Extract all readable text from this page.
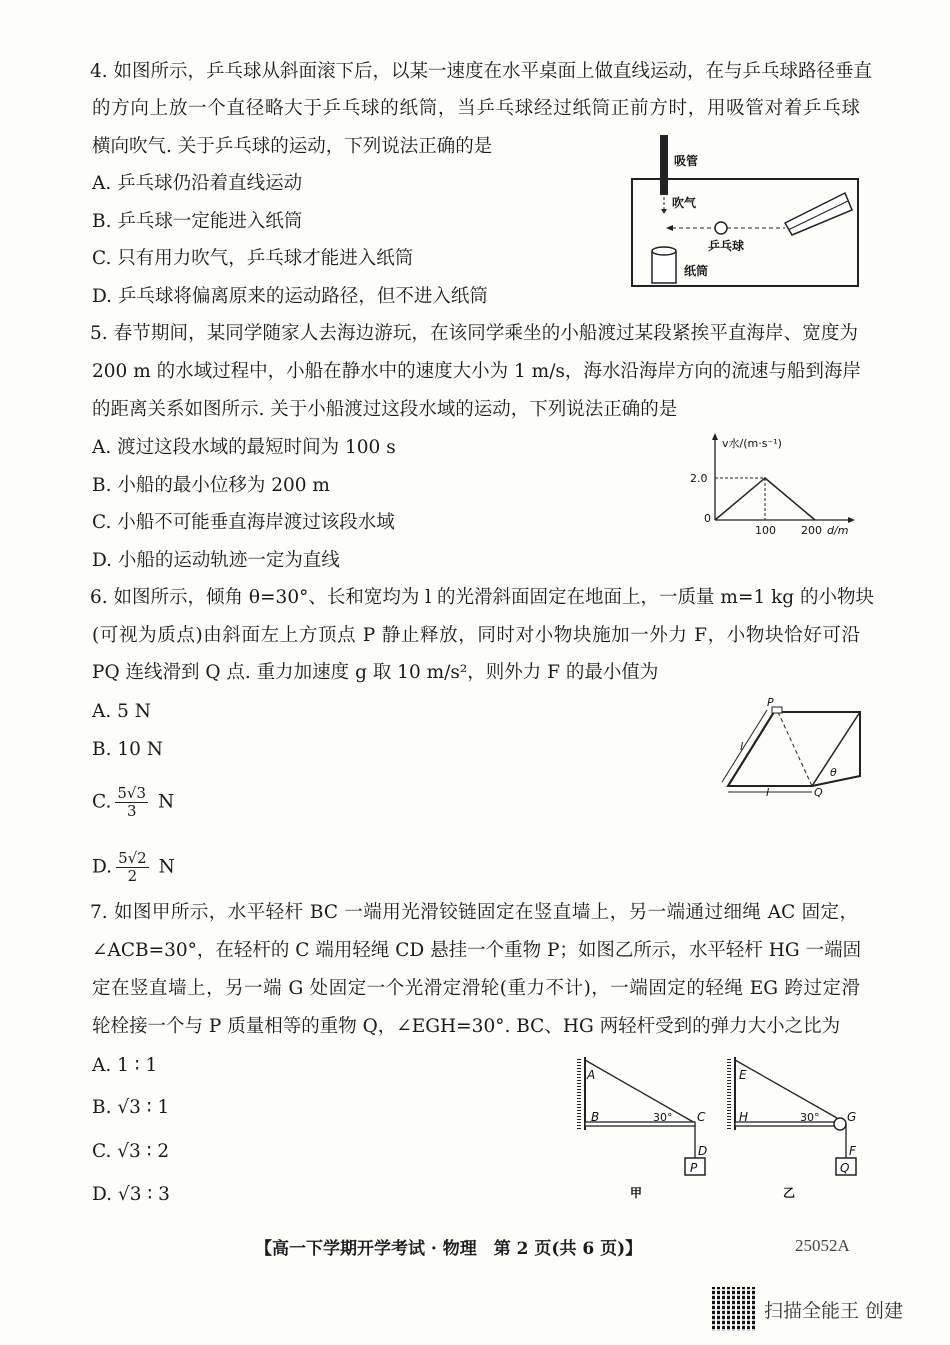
4. 如图所示，乒乓球从斜面滚下后，以某一速度在水平桌面上做直线运动，在与乒乓球路径垂直
的方向上放一个直径略大于乒乓球的纸筒，当乒乓球经过纸筒正前方时，用吸管对着乒乓球
横向吹气. 关于乒乓球的运动，下列说法正确的是
A. 乒乓球仍沿着直线运动
B. 乒乓球一定能进入纸筒
C. 只有用力吹气，乒乓球才能进入纸筒
D. 乒乓球将偏离原来的运动路径，但不进入纸筒
吸管
吹气
乒乓球
纸筒
5. 春节期间，某同学随家人去海边游玩，在该同学乘坐的小船渡过某段紧挨平直海岸、宽度为
200 m 的水域过程中，小船在静水中的速度大小为 1 m/s，海水沿海岸方向的流速与船到海岸
的距离关系如图所示. 关于小船渡过这段水域的运动，下列说法正确的是
A. 渡过这段水域的最短时间为 100 s
B. 小船的最小位移为 200 m
C. 小船不可能垂直海岸渡过该段水域
D. 小船的运动轨迹一定为直线
v水/(m·s⁻¹)
2.0
0
100 200 d/m
6. 如图所示，倾角 θ=30°、长和宽均为 l 的光滑斜面固定在地面上，一质量 m=1 kg 的小物块
(可视为质点)由斜面左上方顶点 P 静止释放，同时对小物块施加一外力 F，小物块恰好可沿
PQ 连线滑到 Q 点. 重力加速度 g 取 10 m/s²，则外力 F 的最小值为
A. 5 N
B. 10 N
C. $\frac{5√3}{3}$ N
D. $\frac{5√2}{2}$ N
P
Q
l
l
θ
7. 如图甲所示，水平轻杆 BC 一端用光滑铰链固定在竖直墙上，另一端通过细绳 AC 固定，
∠ACB=30°，在轻杆的 C 端用轻绳 CD 悬挂一个重物 P；如图乙所示，水平轻杆 HG 一端固
定在竖直墙上，另一端 G 处固定一个光滑定滑轮(重力不计)，一端固定的轻绳 EG 跨过定滑
轮栓接一个与 P 质量相等的重物 Q，∠EGH=30°. BC、HG 两轻杆受到的弹力大小之比为
A. 1 ∶ 1
B. √3 ∶ 1
C. √3 ∶ 2
D. √3 ∶ 3
A
B	C
D
P
30°
甲
E
H	G
F
Q
30°
乙
【高一下学期开学考试 · 物理　第 2 页(共 6 页)】	25052A
扫描全能王 创建
